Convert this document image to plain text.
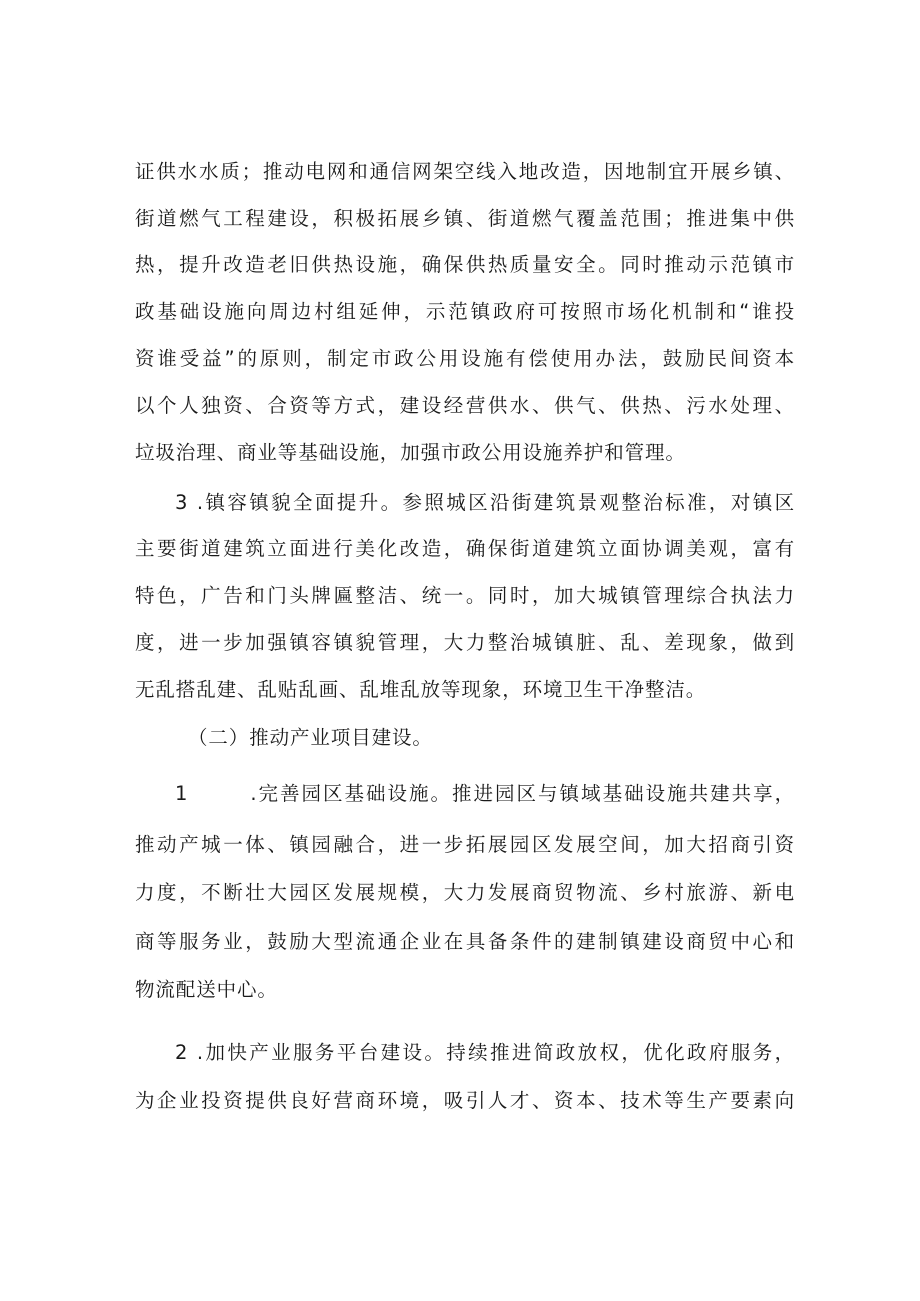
证供水水质；推动电网和通信网架空线入地改造，因地制宜开展乡镇、
街道燃气工程建设，积极拓展乡镇、街道燃气覆盖范围；推进集中供
热，提升改造老旧供热设施，确保供热质量安全。同时推动示范镇市
政基础设施向周边村组延伸，示范镇政府可按照市场化机制和“谁投
资谁受益”的原则，制定市政公用设施有偿使用办法，鼓励民间资本
以个人独资、合资等方式，建设经营供水、供气、供热、污水处理、
垃圾治理、商业等基础设施，加强市政公用设施养护和管理。
3 .镇容镇貌全面提升。参照城区沿街建筑景观整治标准，对镇区
主要街道建筑立面进行美化改造，确保街道建筑立面协调美观，富有
特色，广告和门头牌匾整洁、统一。同时，加大城镇管理综合执法力
度，进一步加强镇容镇貌管理，大力整治城镇脏、乱、差现象，做到
无乱搭乱建、乱贴乱画、乱堆乱放等现象，环境卫生干净整洁。
（二）推动产业项目建设。
1	.完善园区基础设施。推进园区与镇域基础设施共建共享，
推动产城一体、镇园融合，进一步拓展园区发展空间，加大招商引资
力度，不断壮大园区发展规模，大力发展商贸物流、乡村旅游、新电
商等服务业，鼓励大型流通企业在具备条件的建制镇建设商贸中心和
物流配送中心。
2 .加快产业服务平台建设。持续推进简政放权，优化政府服务，
为企业投资提供良好营商环境，吸引人才、资本、技术等生产要素向
